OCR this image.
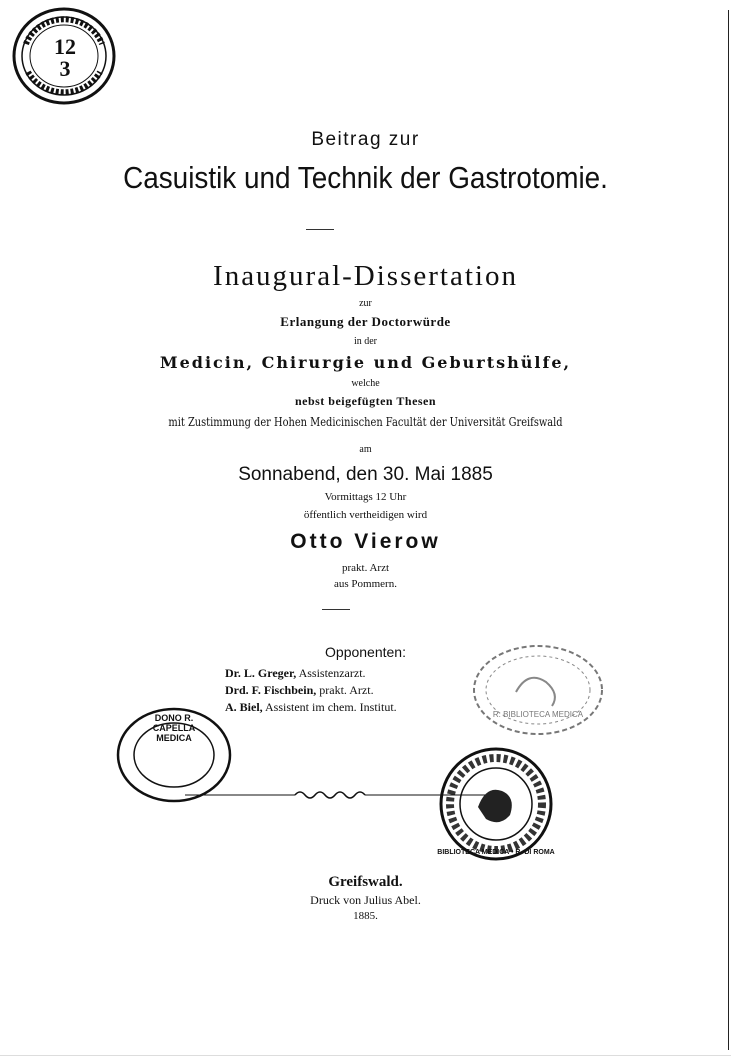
12
3
Beitrag zur
Casuistik und Technik der Gastrotomie.
Inaugural-Dissertation
zur
Erlangung der Doctorwürde
in der
Medicin, Chirurgie und Geburtshülfe,
welche
nebst beigefügten Thesen
mit Zustimmung der Hohen Medicinischen Facultät der Universität Greifswald
am
Sonnabend, den 30. Mai 1885
Vormittags 12 Uhr
öffentlich vertheidigen wird
Otto Vierow
prakt. Arzt
aus Pommern.
Opponenten:
Dr. L. Greger, Assistenzarzt.
Drd. F. Fischbein, prakt. Arzt.
A. Biel, Assistent im chem. Institut.
R. BIBLIOTECA MEDICA
DONO R. CAPELLA MEDICA
BIBLIOTECA MEDICA • R. DI ROMA
Greifswald.
Druck von Julius Abel.
1885.
